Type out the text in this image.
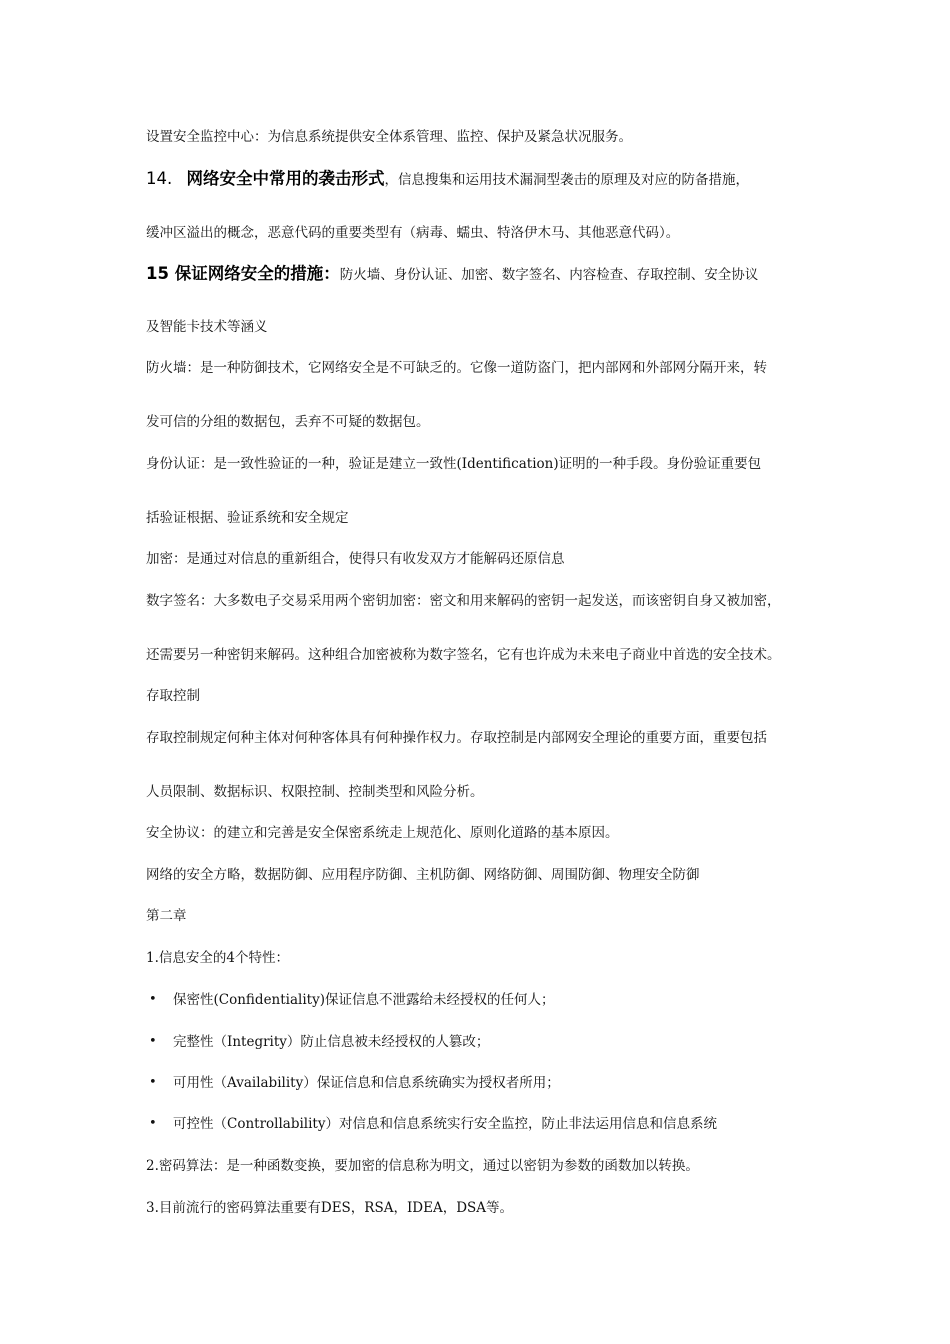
设置安全监控中心：为信息系统提供安全体系管理、监控、保护及紧急状况服务。
14. 网络安全中常用的袭击形式，信息搜集和运用技术漏洞型袭击的原理及对应的防备措施，
缓冲区溢出的概念，恶意代码的重要类型有（病毒、蠕虫、特洛伊木马、其他恶意代码）。
15 保证网络安全的措施：防火墙、身份认证、加密、数字签名、内容检查、存取控制、安全协议
及智能卡技术等涵义
防火墙：是一种防御技术，它网络安全是不可缺乏的。它像一道防盗门，把内部网和外部网分隔开来，转
发可信的分组的数据包，丢弃不可疑的数据包。
身份认证：是一致性验证的一种，验证是建立一致性(Identification)证明的一种手段。身份验证重要包
括验证根据、验证系统和安全规定
加密：是通过对信息的重新组合，使得只有收发双方才能解码还原信息
数字签名：大多数电子交易采用两个密钥加密：密文和用来解码的密钥一起发送，而该密钥自身又被加密，
还需要另一种密钥来解码。这种组合加密被称为数字签名，它有也许成为未来电子商业中首选的安全技术。
存取控制
存取控制规定何种主体对何种客体具有何种操作权力。存取控制是内部网安全理论的重要方面，重要包括
人员限制、数据标识、权限控制、控制类型和风险分析。
安全协议：的建立和完善是安全保密系统走上规范化、原则化道路的基本原因。
网络的安全方略，数据防御、应用程序防御、主机防御、网络防御、周围防御、物理安全防御
第二章
1.信息安全的4个特性：
• 保密性(Confidentiality)保证信息不泄露给未经授权的任何人；
• 完整性（Integrity）防止信息被未经授权的人篡改；
• 可用性（Availability）保证信息和信息系统确实为授权者所用；
• 可控性（Controllability）对信息和信息系统实行安全监控，防止非法运用信息和信息系统
2.密码算法：是一种函数变换，要加密的信息称为明文，通过以密钥为参数的函数加以转换。
3.目前流行的密码算法重要有DES，RSA，IDEA，DSA等。
